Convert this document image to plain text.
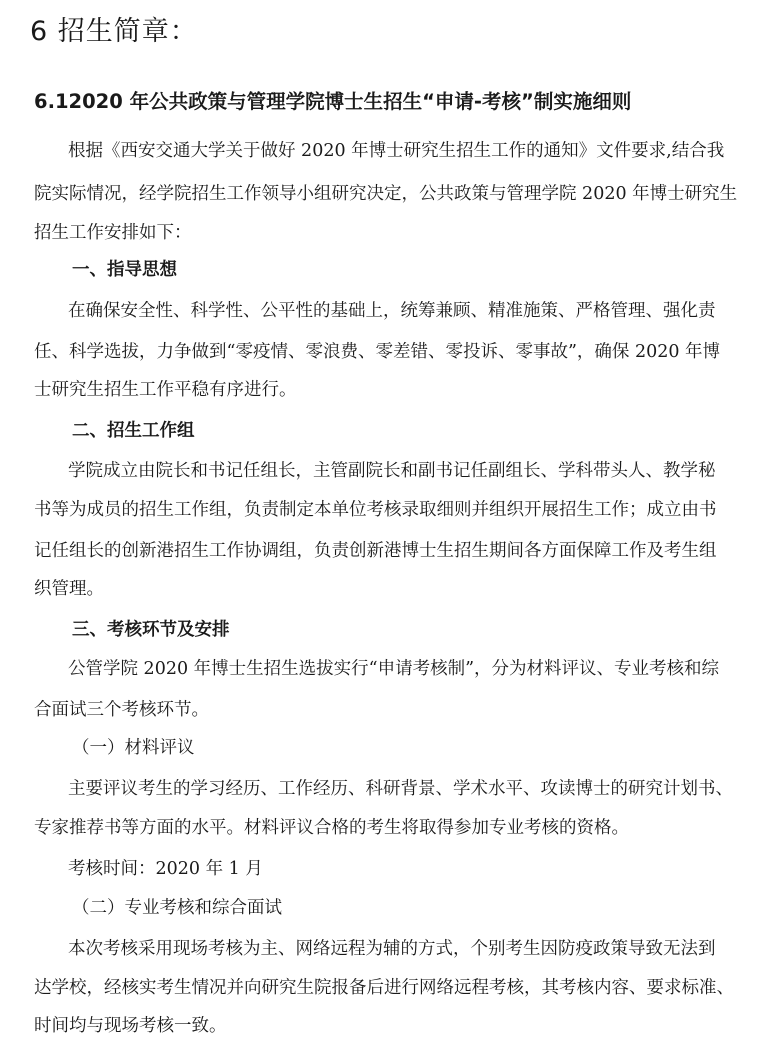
6 招生简章：
6.12020 年公共政策与管理学院博士生招生“申请-考核”制实施细则
根据《西安交通大学关于做好 2020 年博士研究生招生工作的通知》文件要求,结合我
院实际情况，经学院招生工作领导小组研究决定，公共政策与管理学院 2020 年博士研究生
招生工作安排如下：
一、指导思想
在确保安全性、科学性、公平性的基础上，统筹兼顾、精准施策、严格管理、强化责
任、科学选拔，力争做到“零疫情、零浪费、零差错、零投诉、零事故”，确保 2020 年博
士研究生招生工作平稳有序进行。
二、招生工作组
学院成立由院长和书记任组长，主管副院长和副书记任副组长、学科带头人、教学秘
书等为成员的招生工作组，负责制定本单位考核录取细则并组织开展招生工作；成立由书
记任组长的创新港招生工作协调组，负责创新港博士生招生期间各方面保障工作及考生组
织管理。
三、考核环节及安排
公管学院 2020 年博士生招生选拔实行“申请考核制”，分为材料评议、专业考核和综
合面试三个考核环节。
（一）材料评议
主要评议考生的学习经历、工作经历、科研背景、学术水平、攻读博士的研究计划书、
专家推荐书等方面的水平。材料评议合格的考生将取得参加专业考核的资格。
考核时间：2020 年 1 月
（二）专业考核和综合面试
本次考核采用现场考核为主、网络远程为辅的方式，个别考生因防疫政策导致无法到
达学校，经核实考生情况并向研究生院报备后进行网络远程考核，其考核内容、要求标准、
时间均与现场考核一致。
